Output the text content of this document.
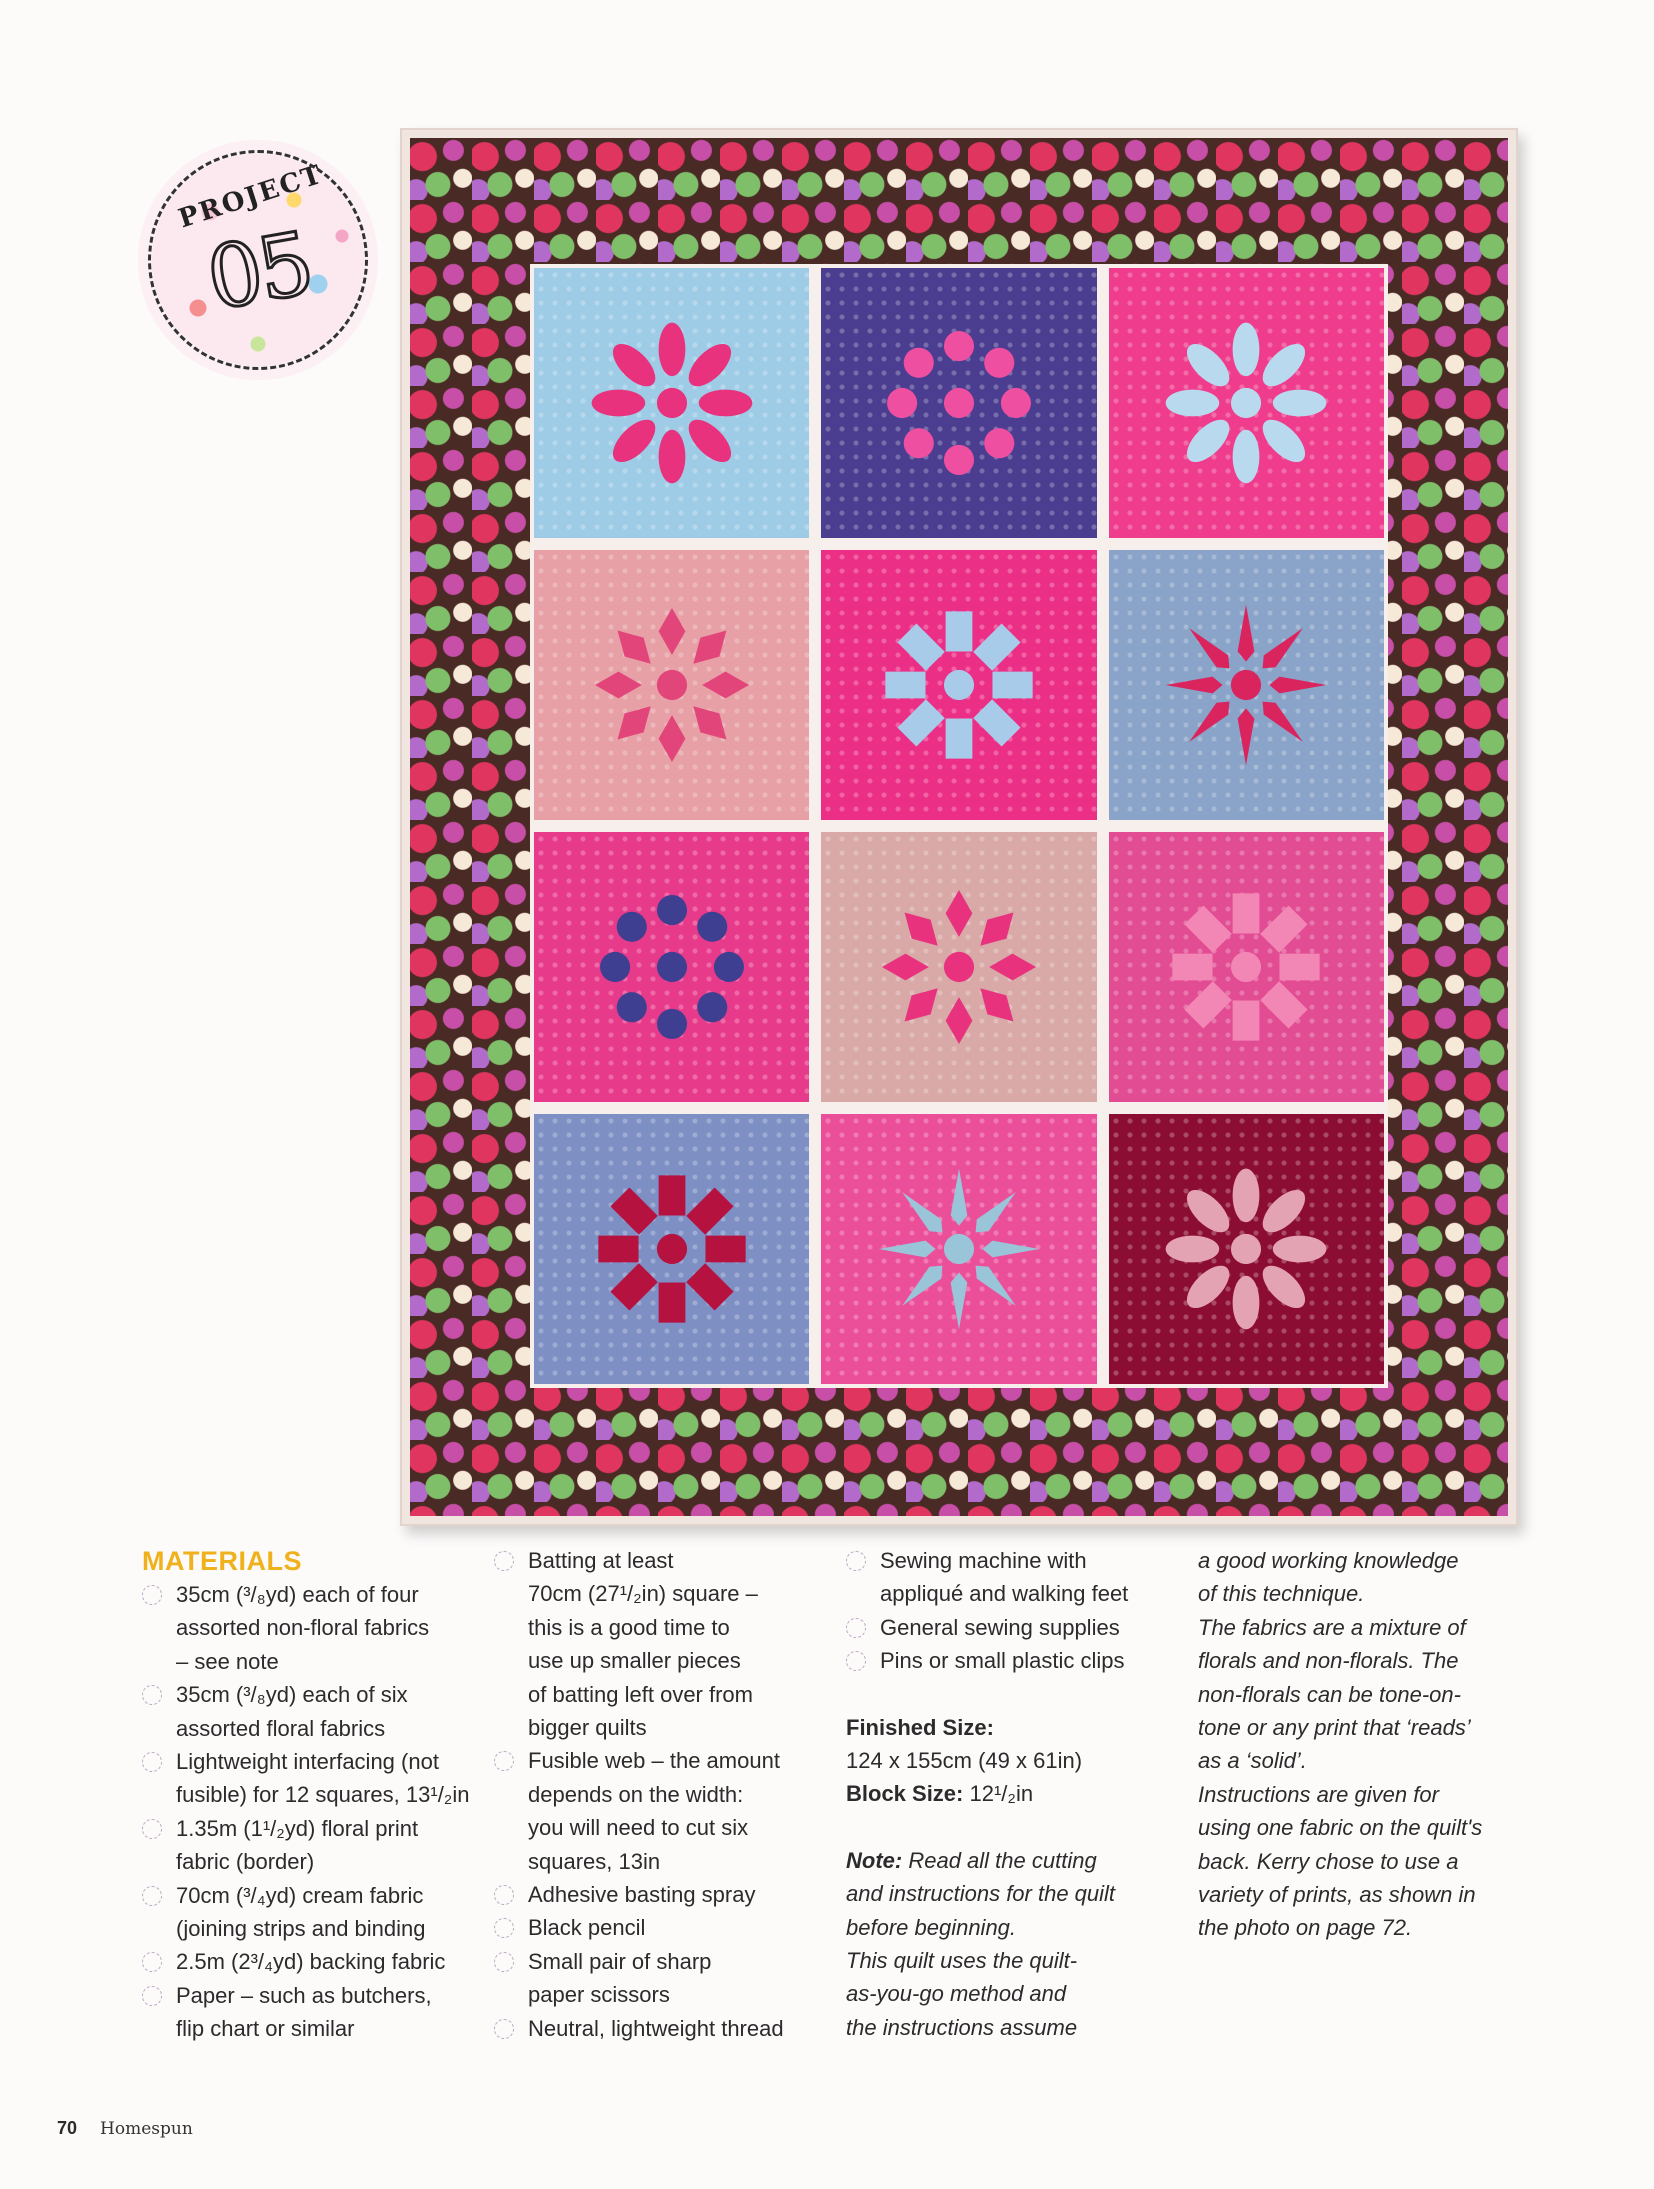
PROJECT
05
MATERIALS
35cm (³/₈yd) each of four
assorted non-floral fabrics
– see note
35cm (³/₈yd) each of six
assorted floral fabrics
Lightweight interfacing (not
fusible) for 12 squares, 13¹/₂in
1.35m (1¹/₂yd) floral print
fabric (border)
70cm (³/₄yd) cream fabric
(joining strips and binding
2.5m (2³/₄yd) backing fabric
Paper – such as butchers,
flip chart or similar
Batting at least
70cm (27¹/₂in) square –
this is a good time to
use up smaller pieces
of batting left over from
bigger quilts
Fusible web – the amount
depends on the width:
you will need to cut six
squares, 13in
Adhesive basting spray
Black pencil
Small pair of sharp
paper scissors
Neutral, lightweight thread
Sewing machine with
appliqué and walking feet
General sewing supplies
Pins or small plastic clips
Finished Size:
124 x 155cm (49 x 61in)
Block Size: 12¹/₂in
Note: Read all the cutting
and instructions for the quilt
before beginning.
This quilt uses the quilt-
as-you-go method and
the instructions assume
a good working knowledge
of this technique.
The fabrics are a mixture of
florals and non-florals. The
non-florals can be tone-on-
tone or any print that ‘reads’
as a ‘solid’.
Instructions are given for
using one fabric on the quilt's
back. Kerry chose to use a
variety of prints, as shown in
the photo on page 72.
70 Homespun
